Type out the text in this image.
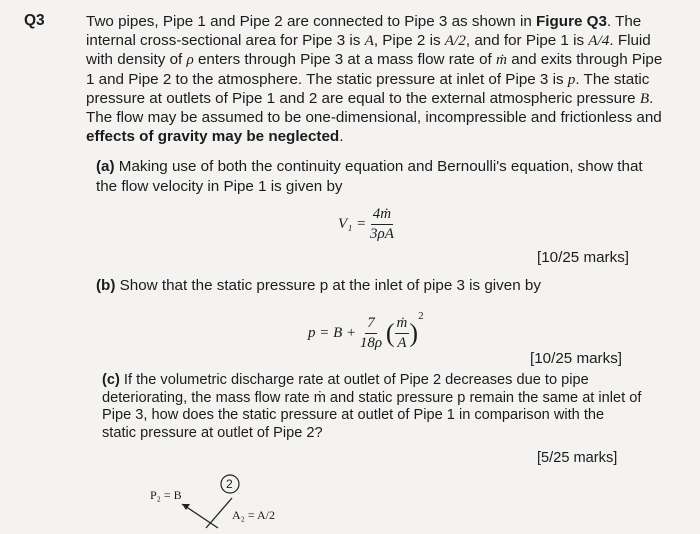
Q3	Two pipes, Pipe 1 and Pipe 2 are connected to Pipe 3 as shown in Figure Q3. The internal cross-sectional area for Pipe 3 is A, Pipe 2 is A/2, and for Pipe 1 is A/4. Fluid with density of ρ enters through Pipe 3 at a mass flow rate of ṁ and exits through Pipe 1 and Pipe 2 to the atmosphere. The static pressure at inlet of Pipe 3 is p. The static pressure at outlets of Pipe 1 and 2 are equal to the external atmospheric pressure B. The flow may be assumed to be one-dimensional, incompressible and frictionless and effects of gravity may be neglected.
(a) Making use of both the continuity equation and Bernoulli's equation, show that the flow velocity in Pipe 1 is given by
$V_1 = \frac{\text{4ṁ}}{3\rho A}$
[10/25 marks]
(b) Show that the static pressure p at the inlet of pipe 3 is given by
$p = B + \frac{7}{18\rho}$ ( $\frac{\text{ṁ}}{A} )^2$
[10/25 marks]
(c) If the volumetric discharge rate at outlet of Pipe 2 decreases due to pipe deteriorating, the mass flow rate ṁ and static pressure p remain the same at inlet of Pipe 3, how does the static pressure at outlet of Pipe 1 in comparison with the static pressure at outlet of Pipe 2?
[5/25 marks]
P₂ = B
2
A₂ = A/2
